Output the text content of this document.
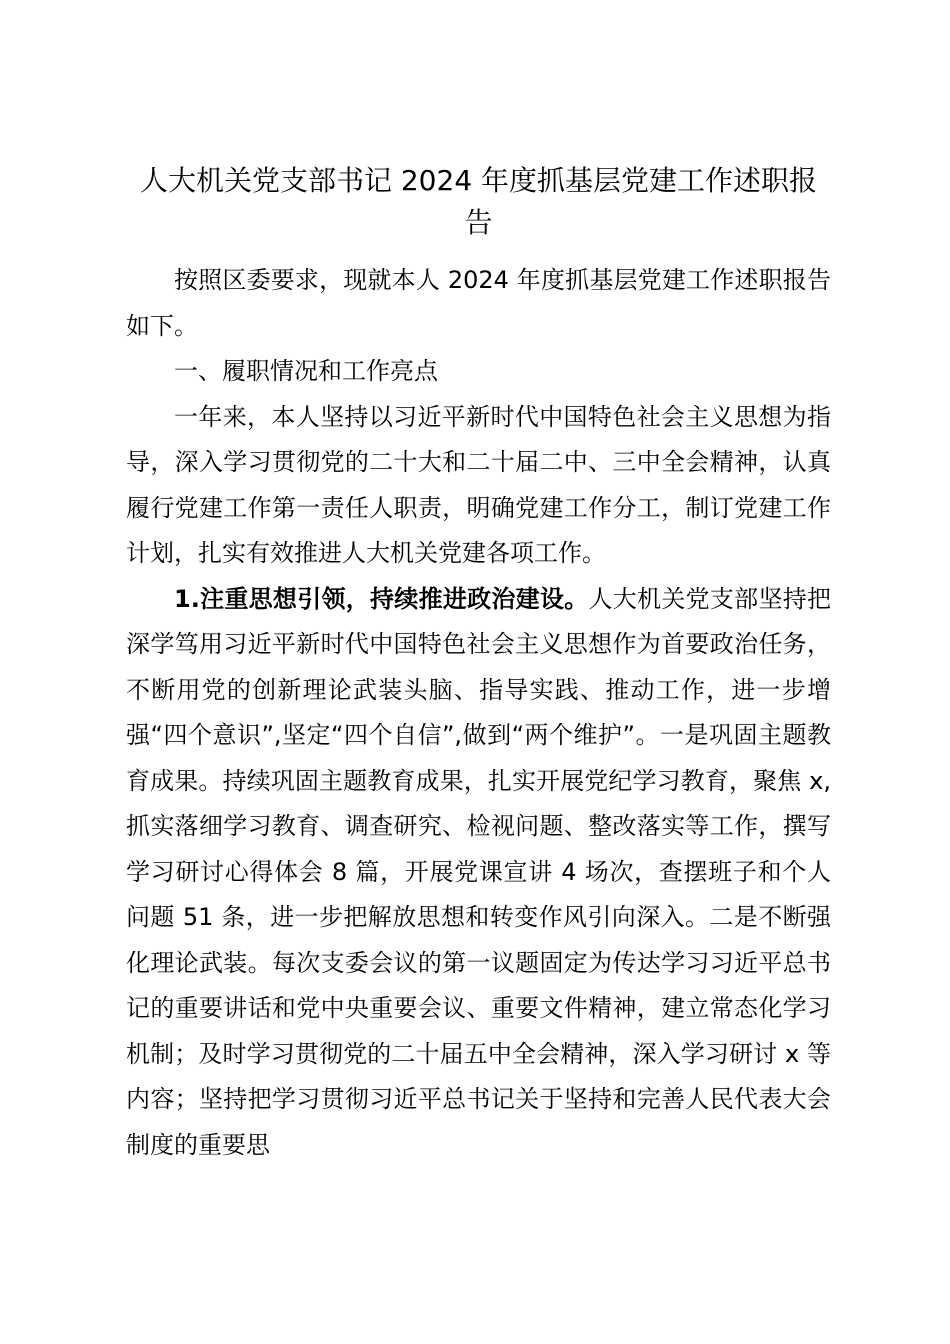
人大机关党支部书记 2024 年度抓基层党建工作述职报告

按照区委要求，现就本人 2024 年度抓基层党建工作述职报告如下。

一、履职情况和工作亮点

一年来，本人坚持以习近平新时代中国特色社会主义思想为指导，深入学习贯彻党的二十大和二十届二中、三中全会精神，认真履行党建工作第一责任人职责，明确党建工作分工，制订党建工作计划，扎实有效推进人大机关党建各项工作。

1.注重思想引领，持续推进政治建设。人大机关党支部坚持把深学笃用习近平新时代中国特色社会主义思想作为首要政治任务，不断用党的创新理论武装头脑、指导实践、推动工作，进一步增强“四个意识”,坚定“四个自信”,做到“两个维护”。一是巩固主题教育成果。持续巩固主题教育成果，扎实开展党纪学习教育，聚焦 x,抓实落细学习教育、调查研究、检视问题、整改落实等工作，撰写学习研讨心得体会 8 篇，开展党课宣讲 4 场次，查摆班子和个人问题 51 条，进一步把解放思想和转变作风引向深入。二是不断强化理论武装。每次支委会议的第一议题固定为传达学习习近平总书记的重要讲话和党中央重要会议、重要文件精神，建立常态化学习机制；及时学习贯彻党的二十届五中全会精神，深入学习研讨 x 等内容；坚持把学习贯彻习近平总书记关于坚持和完善人民代表大会制度的重要思
